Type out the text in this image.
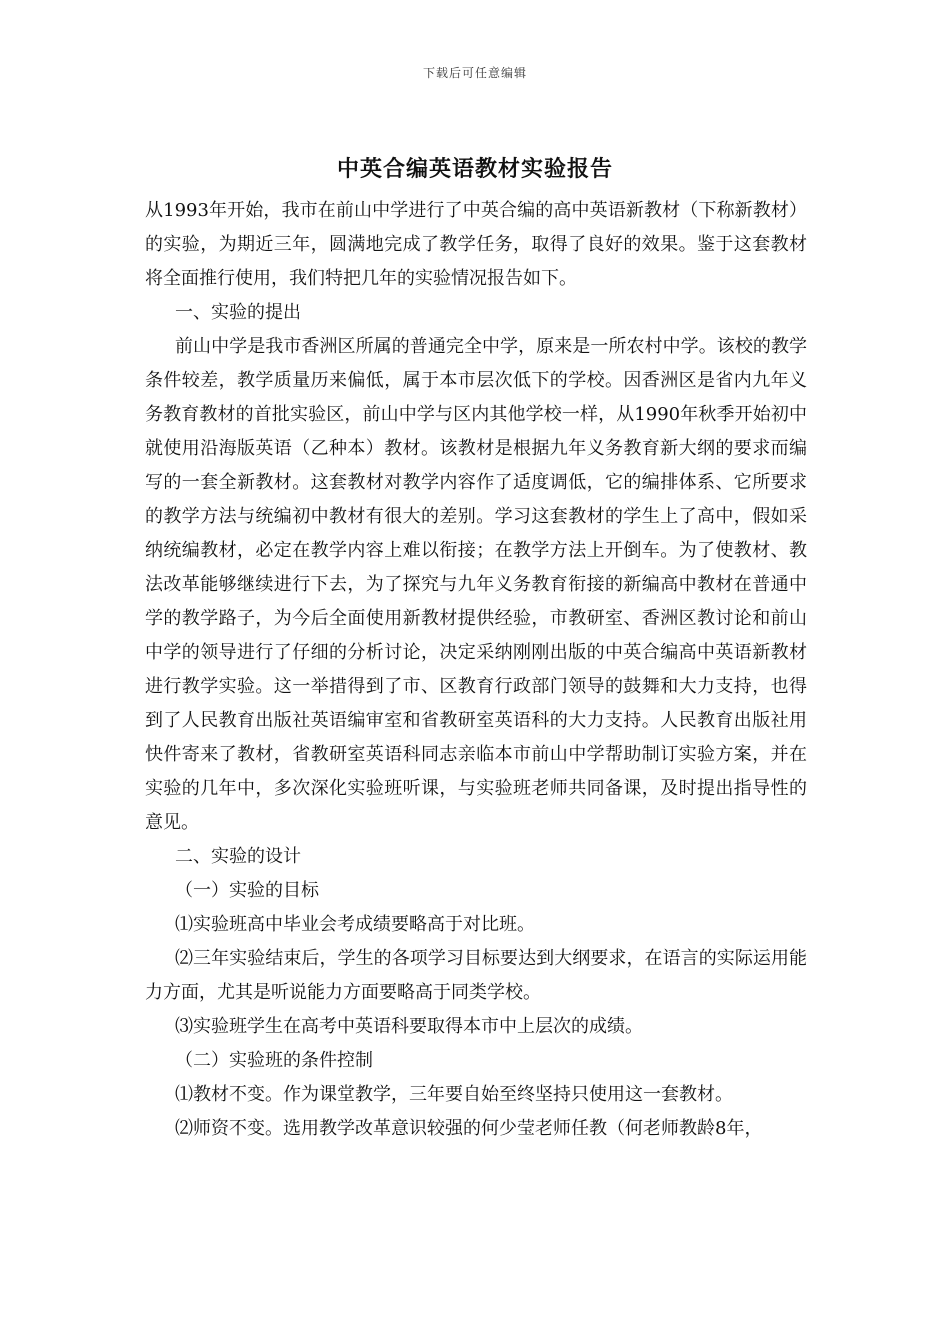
下载后可任意编辑
中英合编英语教材实验报告

从1993年开始，我市在前山中学进行了中英合编的高中英语新教材（下称新教材）的实验，为期近三年，圆满地完成了教学任务，取得了良好的效果。鉴于这套教材将全面推行使用，我们特把几年的实验情况报告如下。

一、实验的提出

前山中学是我市香洲区所属的普通完全中学，原来是一所农村中学。该校的教学条件较差，教学质量历来偏低，属于本市层次低下的学校。因香洲区是省内九年义务教育教材的首批实验区，前山中学与区内其他学校一样，从1990年秋季开始初中就使用沿海版英语（乙种本）教材。该教材是根据九年义务教育新大纲的要求而编写的一套全新教材。这套教材对教学内容作了适度调低，它的编排体系、它所要求的教学方法与统编初中教材有很大的差别。学习这套教材的学生上了高中，假如采纳统编教材，必定在教学内容上难以衔接；在教学方法上开倒车。为了使教材、教法改革能够继续进行下去，为了探究与九年义务教育衔接的新编高中教材在普通中学的教学路子，为今后全面使用新教材提供经验，市教研室、香洲区教讨论和前山中学的领导进行了仔细的分析讨论，决定采纳刚刚出版的中英合编高中英语新教材进行教学实验。这一举措得到了市、区教育行政部门领导的鼓舞和大力支持，也得到了人民教育出版社英语编审室和省教研室英语科的大力支持。人民教育出版社用快件寄来了教材，省教研室英语科同志亲临本市前山中学帮助制订实验方案，并在实验的几年中，多次深化实验班听课，与实验班老师共同备课，及时提出指导性的意见。

二、实验的设计

（一）实验的目标

⑴实验班高中毕业会考成绩要略高于对比班。

⑵三年实验结束后，学生的各项学习目标要达到大纲要求，在语言的实际运用能力方面，尤其是听说能力方面要略高于同类学校。

⑶实验班学生在高考中英语科要取得本市中上层次的成绩。

（二）实验班的条件控制

⑴教材不变。作为课堂教学，三年要自始至终坚持只使用这一套教材。

⑵师资不变。选用教学改革意识较强的何少莹老师任教（何老师教龄8年，
